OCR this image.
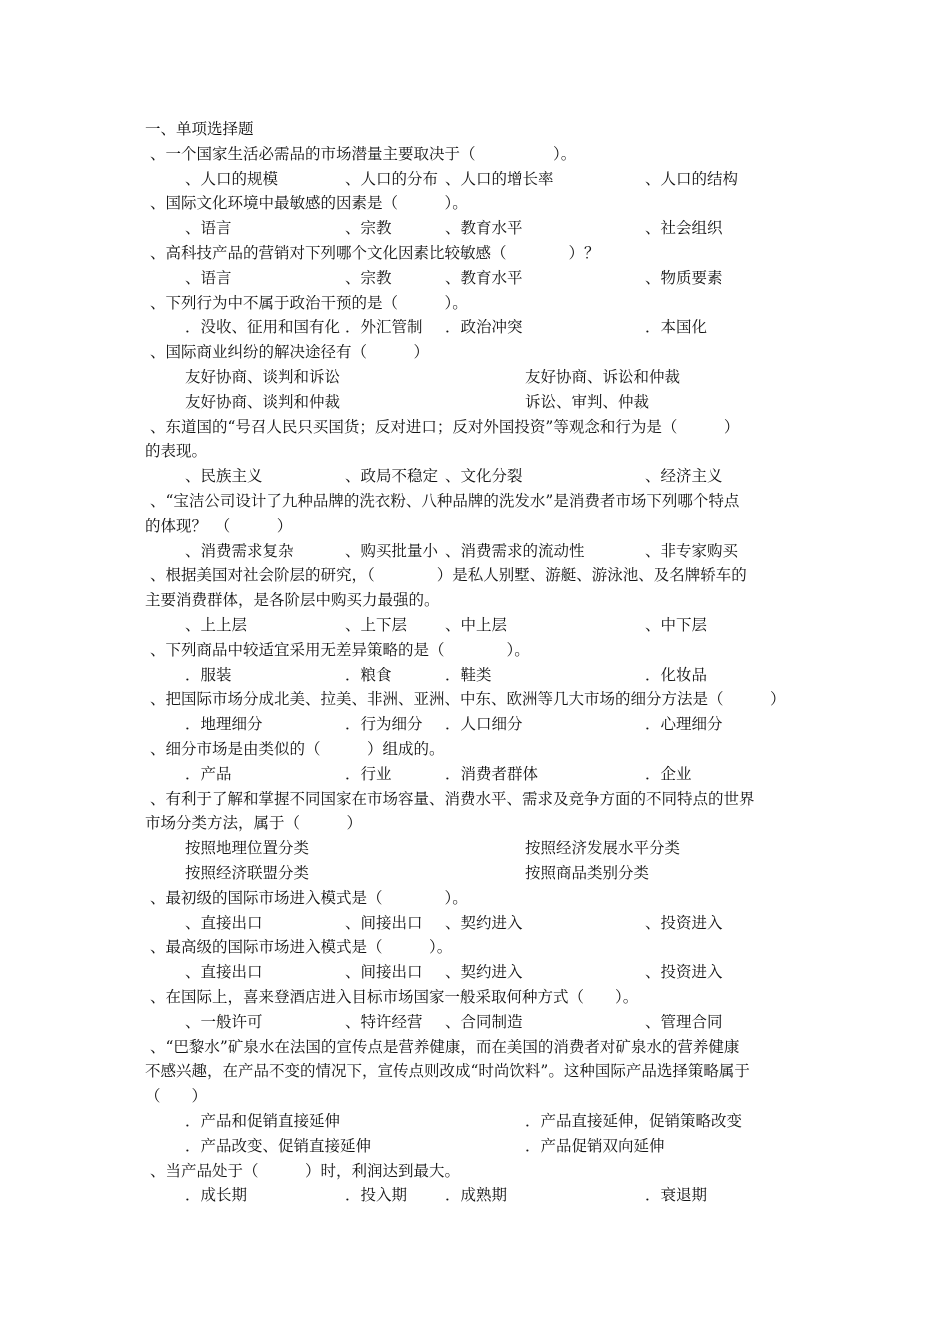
一、单项选择题
、一个国家生活必需品的市场潜量主要取决于（　　　　　）。
、人口的规模	、人口的分布 、人口的增长率	、人口的结构
、国际文化环境中最敏感的因素是（　　　）。
、语言	、宗教	、教育水平	、社会组织
、高科技产品的营销对下列哪个文化因素比较敏感（　　　　）？
、语言	、宗教	、教育水平	、物质要素
、下列行为中不属于政治干预的是（　　　）。
．没收、征用和国有化 ．外汇管制 ．政治冲突	．本国化
、国际商业纠纷的解决途径有（　　　）
友好协商、谈判和诉讼	友好协商、诉讼和仲裁
友好协商、谈判和仲裁	诉讼、审判、仲裁
、东道国的“号召人民只买国货；反对进口；反对外国投资”等观念和行为是（　　　）
的表现。
、民族主义	、政局不稳定 、文化分裂	、经济主义
、“宝洁公司设计了九种品牌的洗衣粉、八种品牌的洗发水”是消费者市场下列哪个特点
的体现？　（　　　）
、消费需求复杂	、购买批量小 、消费需求的流动性	、非专家购买
、根据美国对社会阶层的研究，（　　　　）是私人别墅、游艇、游泳池、及名牌轿车的
主要消费群体，是各阶层中购买力最强的。
、上上层	、上下层 、中上层	、中下层
、下列商品中较适宜采用无差异策略的是（　　　　）。
．服装	．粮食	．鞋类	．化妆品
、把国际市场分成北美、拉美、非洲、亚洲、中东、欧洲等几大市场的细分方法是（　　　）
．地理细分	．行为细分 ．人口细分	．心理细分
、细分市场是由类似的（　　　）组成的。
．产品	．行业	．消费者群体	．企业
、有利于了解和掌握不同国家在市场容量、消费水平、需求及竞争方面的不同特点的世界
市场分类方法，属于（　　　）
按照地理位置分类	按照经济发展水平分类
按照经济联盟分类	按照商品类别分类
、最初级的国际市场进入模式是（　　　　）。
、直接出口	、间接出口 、契约进入	、投资进入
、最高级的国际市场进入模式是（　　　）。
、直接出口	、间接出口 、契约进入	、投资进入
、在国际上，喜来登酒店进入目标市场国家一般采取何种方式（　　）。
、一般许可	、特许经营 、合同制造	、管理合同
、“巴黎水”矿泉水在法国的宣传点是营养健康，而在美国的消费者对矿泉水的营养健康
不感兴趣，在产品不变的情况下，宣传点则改成“时尚饮料”。这种国际产品选择策略属于
（　　）
．产品和促销直接延伸	．产品直接延伸，促销策略改变
．产品改变、促销直接延伸	．产品促销双向延伸
、当产品处于（　　　）时，利润达到最大。
．成长期	．投入期 ．成熟期	．衰退期
